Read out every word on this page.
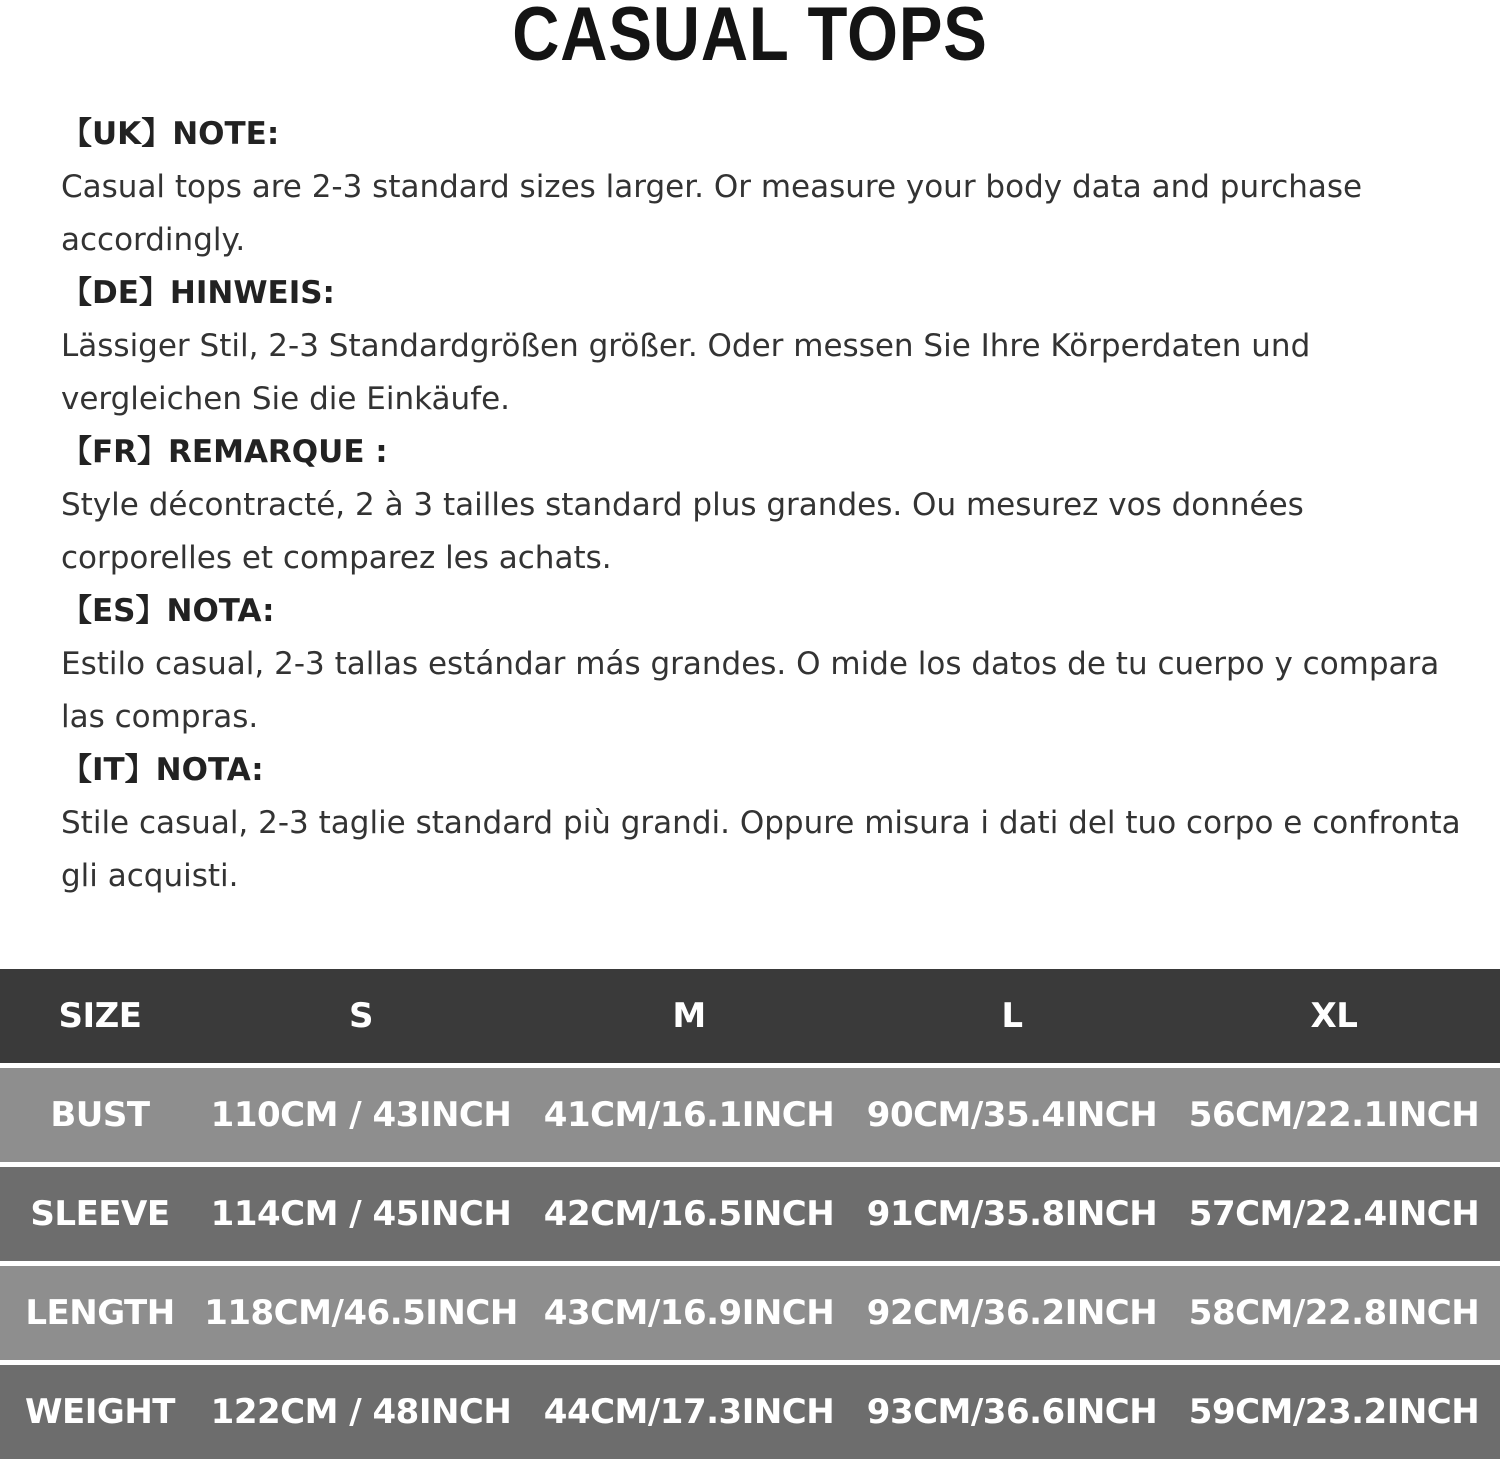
CASUAL TOPS
【UK】NOTE:
Casual tops are 2-3 standard sizes larger. Or measure your body data and purchase accordingly.
【DE】HINWEIS:
Lässiger Stil, 2-3 Standardgrößen größer. Oder messen Sie Ihre Körperdaten und vergleichen Sie die Einkäufe.
【FR】REMARQUE :
Style décontracté, 2 à 3 tailles standard plus grandes. Ou mesurez vos données corporelles et comparez les achats.
【ES】NOTA:
Estilo casual, 2-3 tallas estándar más grandes. O mide los datos de tu cuerpo y compara las compras.
【IT】NOTA:
Stile casual, 2-3 taglie standard più grandi. Oppure misura i dati del tuo corpo e confronta gli acquisti.
SIZE	S	M	L	XL
BUST	110CM / 43INCH 41CM/16.1INCH 90CM/35.4INCH 56CM/22.1INCH
SLEEVE	114CM / 45INCH 42CM/16.5INCH 91CM/35.8INCH 57CM/22.4INCH
LENGTH 118CM/46.5INCH 43CM/16.9INCH 92CM/36.2INCH 58CM/22.8INCH
WEIGHT	122CM / 48INCH 44CM/17.3INCH 93CM/36.6INCH 59CM/23.2INCH
